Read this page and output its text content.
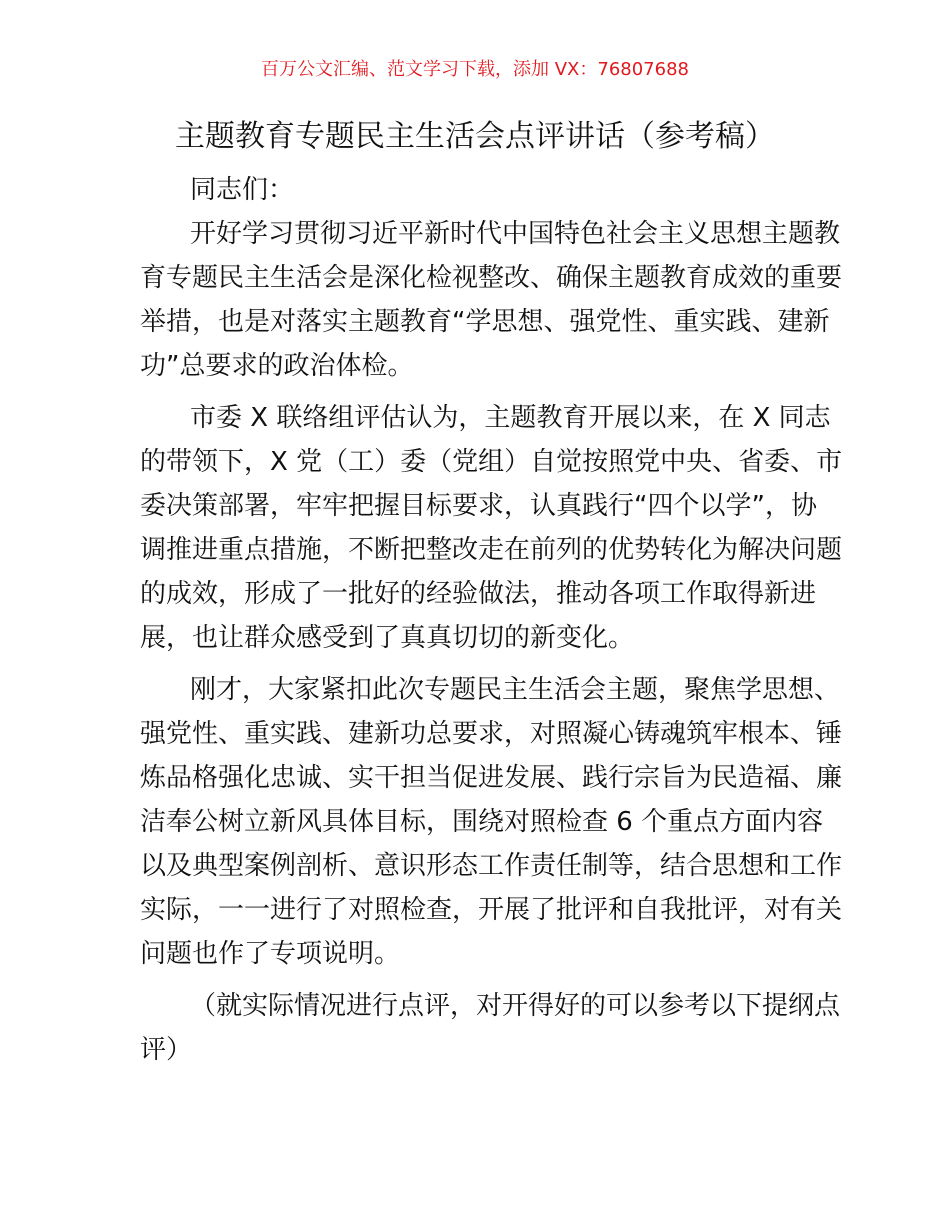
百万公文汇编、范文学习下载，添加 VX：76807688
主题教育专题民主生活会点评讲话（参考稿）
同志们：
开好学习贯彻习近平新时代中国特色社会主义思想主题教
育专题民主生活会是深化检视整改、确保主题教育成效的重要
举措，也是对落实主题教育“学思想、强党性、重实践、建新
功”总要求的政治体检。
市委 X 联络组评估认为，主题教育开展以来，在 X 同志
的带领下，X 党（工）委（党组）自觉按照党中央、省委、市
委决策部署，牢牢把握目标要求，认真践行“四个以学”，协
调推进重点措施，不断把整改走在前列的优势转化为解决问题
的成效，形成了一批好的经验做法，推动各项工作取得新进
展，也让群众感受到了真真切切的新变化。
刚才，大家紧扣此次专题民主生活会主题，聚焦学思想、
强党性、重实践、建新功总要求，对照凝心铸魂筑牢根本、锤
炼品格强化忠诚、实干担当促进发展、践行宗旨为民造福、廉
洁奉公树立新风具体目标，围绕对照检查 6 个重点方面内容
以及典型案例剖析、意识形态工作责任制等，结合思想和工作
实际，一一进行了对照检查，开展了批评和自我批评，对有关
问题也作了专项说明。
（就实际情况进行点评，对开得好的可以参考以下提纲点
评）
